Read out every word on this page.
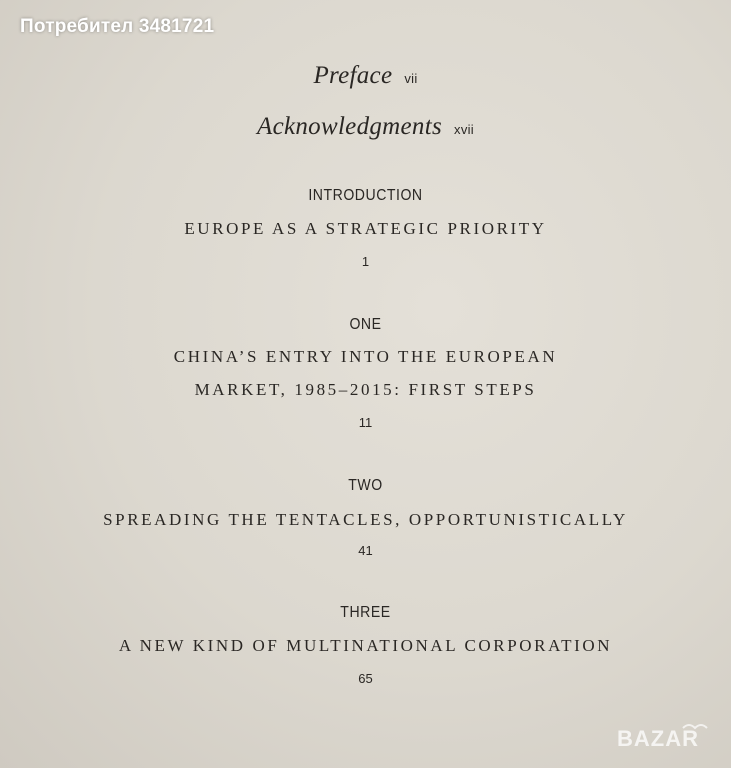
Потребител 3481721
Preface vii
Acknowledgments xvii
INTRODUCTION
EUROPE AS A STRATEGIC PRIORITY
1
ONE
CHINA’S ENTRY INTO THE EUROPEAN
MARKET, 1985–2015: FIRST STEPS
11
TWO
SPREADING THE TENTACLES, OPPORTUNISTICALLY
41
THREE
A NEW KIND OF MULTINATIONAL CORPORATION
65
BAZAR
